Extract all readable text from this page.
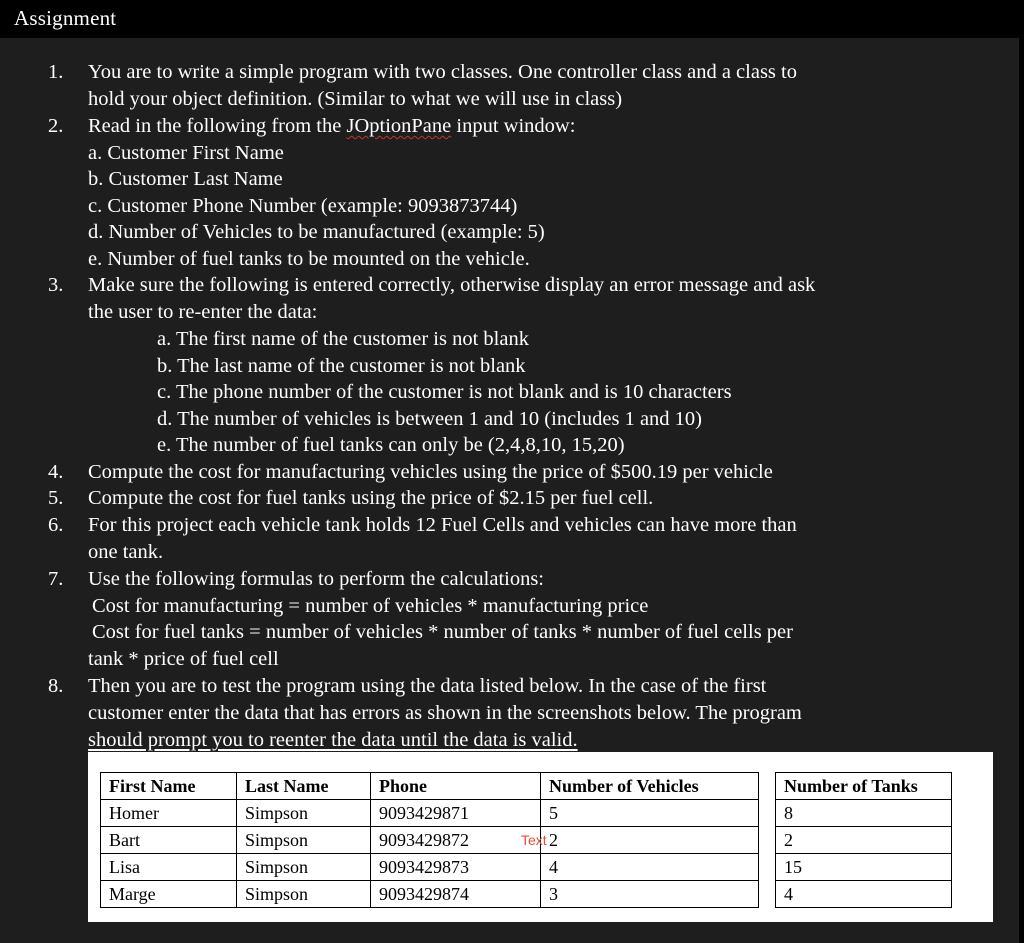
Assignment
1. You are to write a simple program with two classes. One controller class and a class to
hold your object definition. (Similar to what we will use in class)
2. Read in the following from the JOptionPane input window:
a. Customer First Name
b. Customer Last Name
c. Customer Phone Number (example: 9093873744)
d. Number of Vehicles to be manufactured (example: 5)
e. Number of fuel tanks to be mounted on the vehicle.
3. Make sure the following is entered correctly, otherwise display an error message and ask
the user to re-enter the data:
a. The first name of the customer is not blank
b. The last name of the customer is not blank
c. The phone number of the customer is not blank and is 10 characters
d. The number of vehicles is between 1 and 10 (includes 1 and 10)
e. The number of fuel tanks can only be (2,4,8,10, 15,20)
4. Compute the cost for manufacturing vehicles using the price of $500.19 per vehicle
5. Compute the cost for fuel tanks using the price of $2.15 per fuel cell.
6. For this project each vehicle tank holds 12 Fuel Cells and vehicles can have more than
one tank.
7. Use the following formulas to perform the calculations:
Cost for manufacturing = number of vehicles * manufacturing price
Cost for fuel tanks = number of vehicles * number of tanks * number of fuel cells per
tank * price of fuel cell
8. Then you are to test the program using the data listed below. In the case of the first
customer enter the data that has errors as shown in the screenshots below. The program
should prompt you to reenter the data until the data is valid.
First Name	Last Name	Phone	Number of Vehicles		Number of Tanks
Homer	Simpson	9093429871	5		8
Bart	Simpson	9093429872	2		2
Lisa	Simpson	9093429873	4		15
Marge	Simpson	9093429874	3		4
Text
